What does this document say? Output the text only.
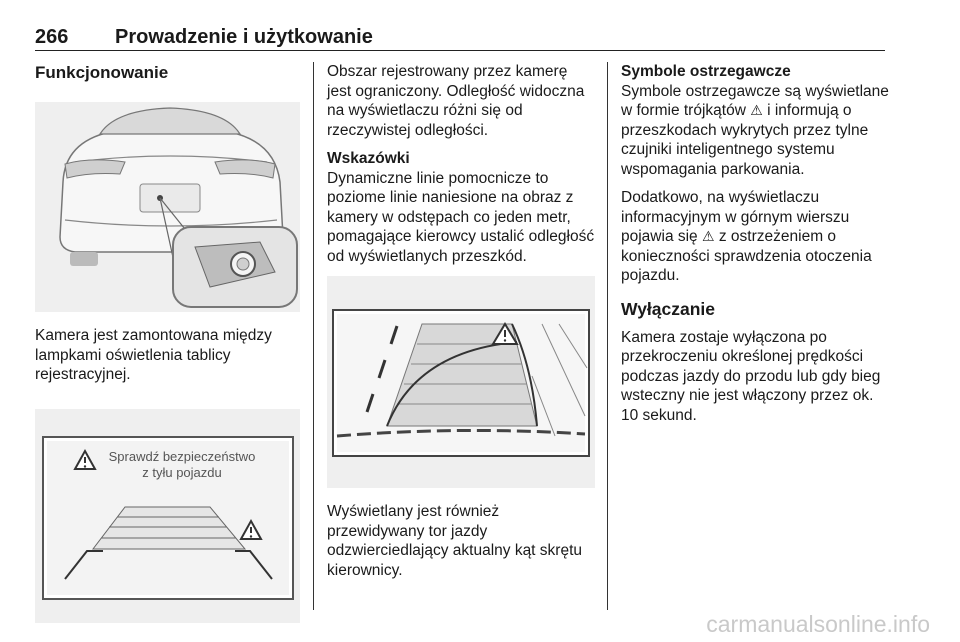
266 Prowadzenie i użytkowanie
Funkcjonowanie

Kamera jest zamontowana między lampkami oświetlenia tablicy rejestracyjnej.

Sprawdź bezpieczeństwo
z tyłu pojazdu

Obszar rejestrowany przez kamerę jest ograniczony. Odległość widoczna na wyświetlaczu różni się od rzeczywistej odległości.

Wskazówki

Dynamiczne linie pomocnicze to poziome linie naniesione na obraz z kamery w odstępach co jeden metr, pomagające kierowcy ustalić odległość od wyświetlanych przeszkód.

Wyświetlany jest również przewidywany tor jazdy odzwierciedlający aktualny kąt skrętu kierownicy.

Symbole ostrzegawcze

Symbole ostrzegawcze są wyświetlane w formie trójkątów ⚠ i informują o przeszkodach wykrytych przez tylne czujniki inteligentnego systemu wspomagania parkowania.

Dodatkowo, na wyświetlaczu informacyjnym w górnym wierszu pojawia się ⚠ z ostrzeżeniem o konieczności sprawdzenia otoczenia pojazdu.

Wyłączanie

Kamera zostaje wyłączona po przekroczeniu określonej prędkości podczas jazdy do przodu lub gdy bieg wsteczny nie jest włączony przez ok. 10 sekund.

carmanualsonline.info
